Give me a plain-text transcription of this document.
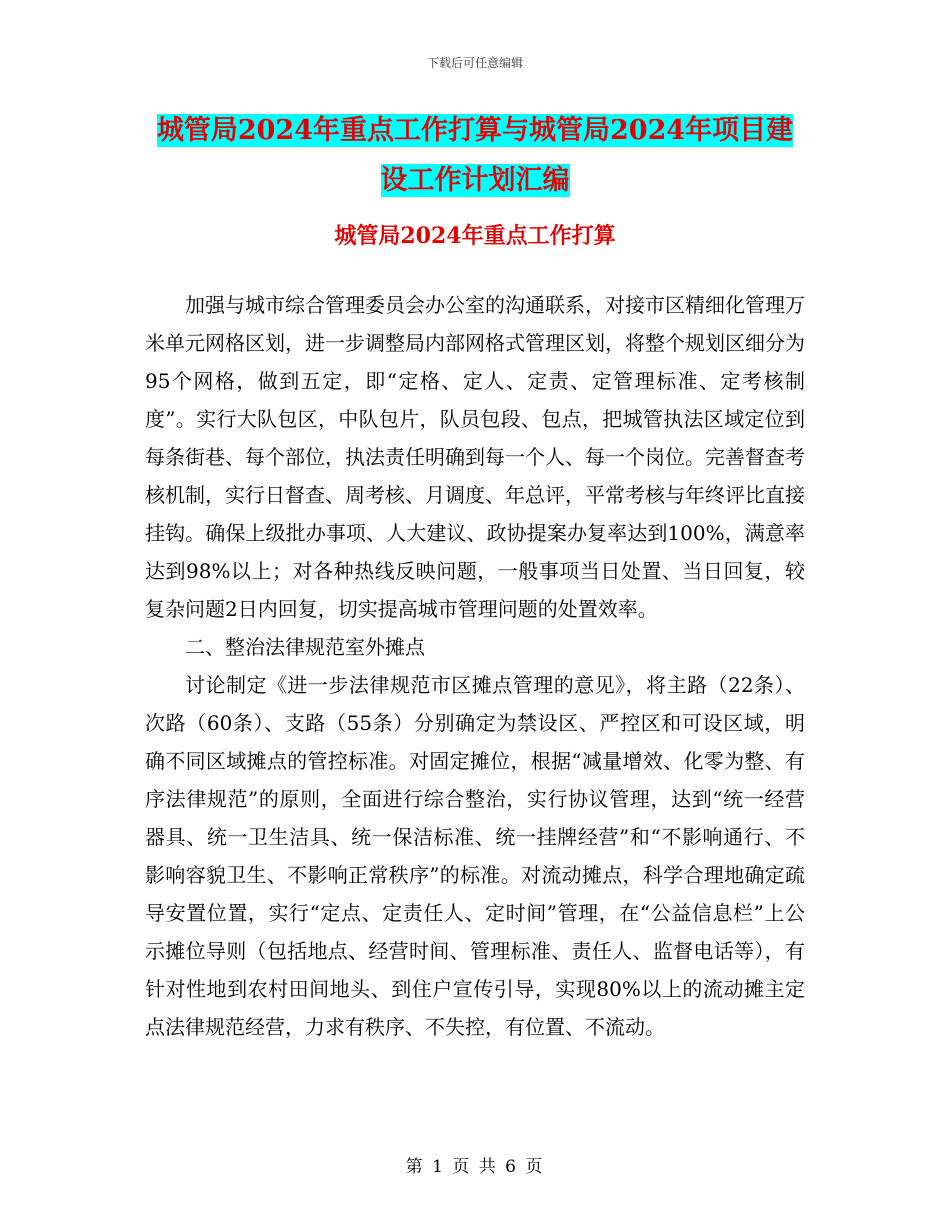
下载后可任意编辑
城管局2024年重点工作打算与城管局2024年项目建
设工作计划汇编
城管局2024年重点工作打算

加强与城市综合管理委员会办公室的沟通联系，对接市区精细化管理万米单元网格区划，进一步调整局内部网格式管理区划，将整个规划区细分为95个网格，做到五定，即“定格、定人、定责、定管理标准、定考核制度”。实行大队包区，中队包片，队员包段、包点，把城管执法区域定位到每条街巷、每个部位，执法责任明确到每一个人、每一个岗位。完善督查考核机制，实行日督查、周考核、月调度、年总评，平常考核与年终评比直接挂钩。确保上级批办事项、人大建议、政协提案办复率达到100%，满意率达到98%以上；对各种热线反映问题，一般事项当日处置、当日回复，较复杂问题2日内回复，切实提高城市管理问题的处置效率。

二、整治法律规范室外摊点

讨论制定《进一步法律规范市区摊点管理的意见》，将主路（22条）、次路（60条）、支路（55条）分别确定为禁设区、严控区和可设区域，明确不同区域摊点的管控标准。对固定摊位，根据“减量增效、化零为整、有序法律规范”的原则，全面进行综合整治，实行协议管理，达到“统一经营器具、统一卫生洁具、统一保洁标准、统一挂牌经营”和“不影响通行、不影响容貌卫生、不影响正常秩序”的标准。对流动摊点，科学合理地确定疏导安置位置，实行“定点、定责任人、定时间”管理，在“公益信息栏”上公示摊位导则（包括地点、经营时间、管理标准、责任人、监督电话等），有针对性地到农村田间地头、到住户宣传引导，实现80%以上的流动摊主定点法律规范经营，力求有秩序、不失控，有位置、不流动。

第 1 页 共 6 页
